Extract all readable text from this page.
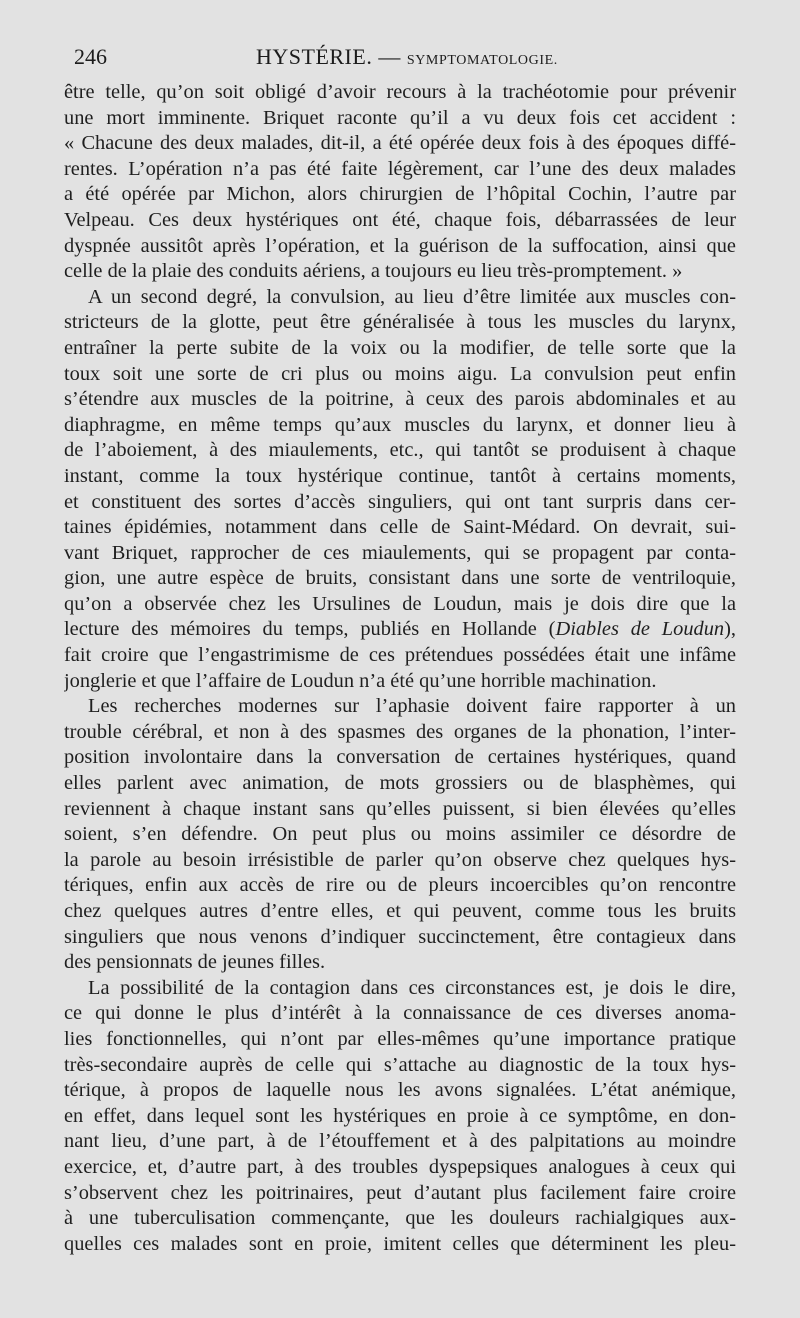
246	HYSTÉRIE. — SYMPTOMATOLOGIE.
être telle, qu’on soit obligé d’avoir recours à la trachéotomie pour prévenir
une mort imminente. Briquet raconte qu’il a vu deux fois cet accident :
« Chacune des deux malades, dit-il, a été opérée deux fois à des époques diffé-
rentes. L’opération n’a pas été faite légèrement, car l’une des deux malades
a été opérée par Michon, alors chirurgien de l’hôpital Cochin, l’autre par
Velpeau. Ces deux hystériques ont été, chaque fois, débarrassées de leur
dyspnée aussitôt après l’opération, et la guérison de la suffocation, ainsi que
celle de la plaie des conduits aériens, a toujours eu lieu très-promptement. »
A un second degré, la convulsion, au lieu d’être limitée aux muscles con-
stricteurs de la glotte, peut être généralisée à tous les muscles du larynx,
entraîner la perte subite de la voix ou la modifier, de telle sorte que la
toux soit une sorte de cri plus ou moins aigu. La convulsion peut enfin
s’étendre aux muscles de la poitrine, à ceux des parois abdominales et au
diaphragme, en même temps qu’aux muscles du larynx, et donner lieu à
de l’aboiement, à des miaulements, etc., qui tantôt se produisent à chaque
instant, comme la toux hystérique continue, tantôt à certains moments,
et constituent des sortes d’accès singuliers, qui ont tant surpris dans cer-
taines épidémies, notamment dans celle de Saint-Médard. On devrait, sui-
vant Briquet, rapprocher de ces miaulements, qui se propagent par conta-
gion, une autre espèce de bruits, consistant dans une sorte de ventriloquie,
qu’on a observée chez les Ursulines de Loudun, mais je dois dire que la
lecture des mémoires du temps, publiés en Hollande (Diables de Loudun),
fait croire que l’engastrimisme de ces prétendues possédées était une infâme
jonglerie et que l’affaire de Loudun n’a été qu’une horrible machination.
Les recherches modernes sur l’aphasie doivent faire rapporter à un
trouble cérébral, et non à des spasmes des organes de la phonation, l’inter-
position involontaire dans la conversation de certaines hystériques, quand
elles parlent avec animation, de mots grossiers ou de blasphèmes, qui
reviennent à chaque instant sans qu’elles puissent, si bien élevées qu’elles
soient, s’en défendre. On peut plus ou moins assimiler ce désordre de
la parole au besoin irrésistible de parler qu’on observe chez quelques hys-
tériques, enfin aux accès de rire ou de pleurs incoercibles qu’on rencontre
chez quelques autres d’entre elles, et qui peuvent, comme tous les bruits
singuliers que nous venons d’indiquer succinctement, être contagieux dans
des pensionnats de jeunes filles.
La possibilité de la contagion dans ces circonstances est, je dois le dire,
ce qui donne le plus d’intérêt à la connaissance de ces diverses anoma-
lies fonctionnelles, qui n’ont par elles-mêmes qu’une importance pratique
très-secondaire auprès de celle qui s’attache au diagnostic de la toux hys-
térique, à propos de laquelle nous les avons signalées. L’état anémique,
en effet, dans lequel sont les hystériques en proie à ce symptôme, en don-
nant lieu, d’une part, à de l’étouffement et à des palpitations au moindre
exercice, et, d’autre part, à des troubles dyspepsiques analogues à ceux qui
s’observent chez les poitrinaires, peut d’autant plus facilement faire croire
à une tuberculisation commençante, que les douleurs rachialgiques aux-
quelles ces malades sont en proie, imitent celles que déterminent les pleu-
